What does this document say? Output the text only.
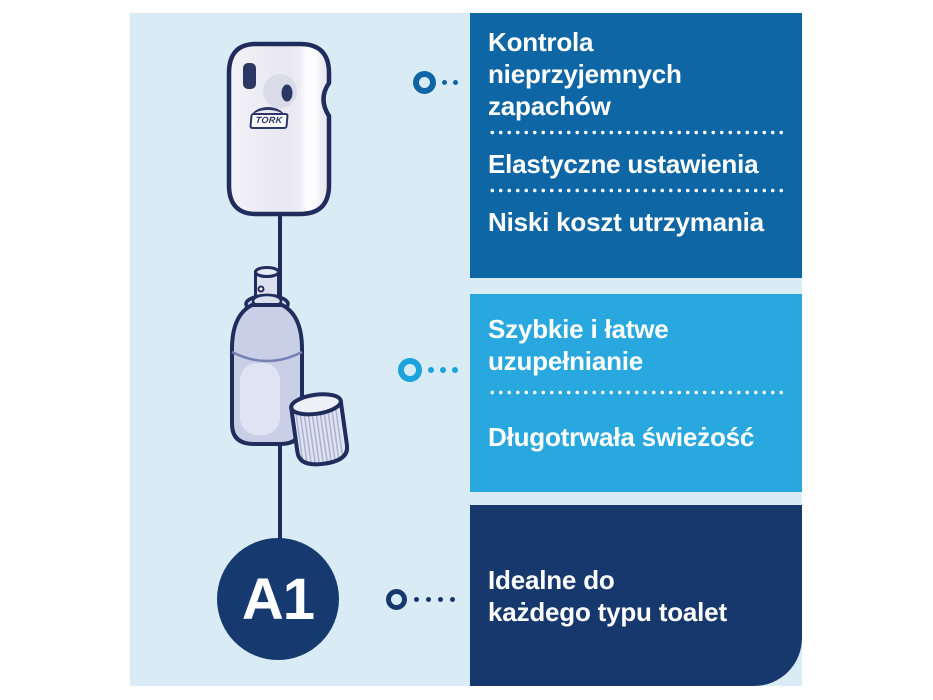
TORK
A1
Kontrola
nieprzyjemnych
zapachów
Elastyczne ustawienia
Niski koszt utrzymania
Szybkie i łatwe
uzupełnianie
Długotrwała świeżość
Idealne do
każdego typu toalet
